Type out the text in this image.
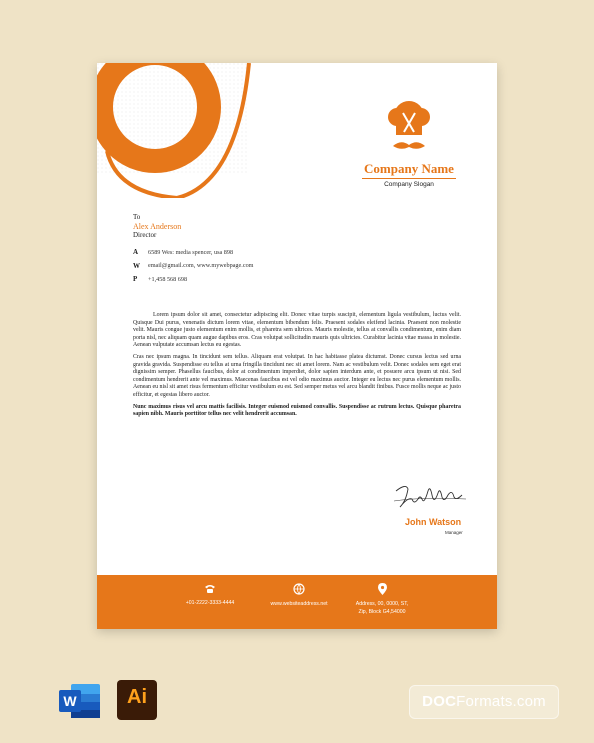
Company Name
Company Slogan
To
Alex Anderson
Director
A	6589 Wes: media spencer, usa 898
W	email@gmail.com, www.mywebpage.com
P	+1,458 568 698

Lorem ipsum dolor sit amet, consectetur adipiscing elit. Donec vitae turpis suscipit, elementum ligula vestibulum, luctus velit. Quisque Dui purus, venenatis dictum lorem vitae, elementum bibendum felis. Praesent sodales eleifend lacinia. Praesent non molestie velit. Mauris congue justo elementum enim mollis, et pharetra sem ultrices. Mauris molestie, tellus at convallis condimentum, enim diam porta nisl, nec aliquam quam augue dapibus eros. Cras volutpat sollicitudin mauris quis ultricies. Curabitur lacinia vitae massa in molestie. Aenean vulputate accumsan lectus eu egestas.

Cras nec ipsum magna. In tincidunt sem tellus. Aliquam erat volutpat. In hac habitasse platea dictumst. Donec cursus lectus sed urna gravida gravida. Suspendisse eu tellus at urna fringilla tincidunt nec sit amet lorem. Nam ac vestibulum velit. Donec sodales sem eget erat dignissim semper. Phasellus faucibus, dolor at condimentum imperdiet, dolor sapien interdum ante, et posuere arcu ipsum ut nisi. Sed condimentum hendrerit ante vel maximus. Maecenas faucibus est vel odio maximus auctor. Integer eu lectus nec purus elementum mollis. Aenean eu nisl sit amet risus fermentum efficitur vestibulum eu est. Sed semper metus vel arcu blandit finibus. Fusce mollis neque ac justo efficitur, et egestas libero auctor.

Nunc maximus risus vel arcu mattis facilisis. Integer euismod euismod convallis. Suspendisse ac rutrum lectus. Quisque pharetra sapien nibh. Mauris porttitor tellus nec velit hendrerit accumsan.

John Watson
Manager
+01-2222-3333-4444	www.websiteaddress.net	Address, 00, 0000, ST,
Zip, Block G4,54000
W	Ai	DOCFormats.com
